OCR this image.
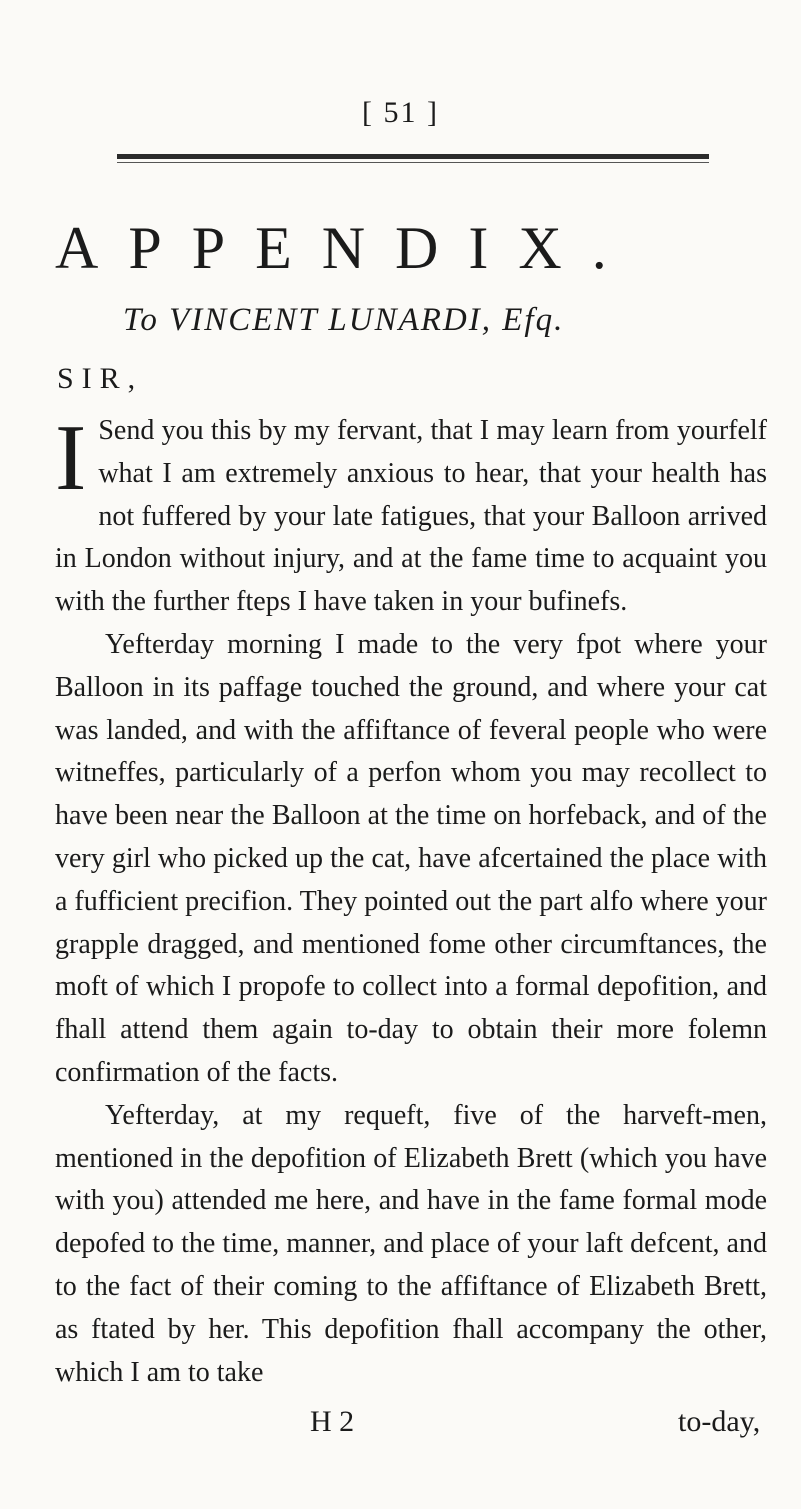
[ 51 ]
APPENDIX.
To VINCENT LUNARDI, Efq.
SIR,

I Send you this by my fervant, that I may learn from yourfelf what I am extremely anxious to hear, that your health has not fuffered by your late fatigues, that your Balloon arrived in London without injury, and at the fame time to acquaint you with the further fteps I have taken in your bufinefs.

Yefterday morning I made to the very fpot where your Balloon in its paffage touched the ground, and where your cat was landed, and with the affiftance of feveral people who were witneffes, particularly of a perfon whom you may recollect to have been near the Balloon at the time on horfeback, and of the very girl who picked up the cat, have afcertained the place with a fufficient precifion. They pointed out the part alfo where your grapple dragged, and mentioned fome other circumftances, the moft of which I propofe to collect into a formal depofition, and fhall attend them again to-day to obtain their more folemn confirmation of the facts.

Yefterday, at my requeft, five of the harveft-men, mentioned in the depofition of Elizabeth Brett (which you have with you) attended me here, and have in the fame formal mode depofed to the time, manner, and place of your laft defcent, and to the fact of their coming to the affiftance of Elizabeth Brett, as ftated by her. This depofition fhall accompany the other, which I am to take

H 2	to-day,
